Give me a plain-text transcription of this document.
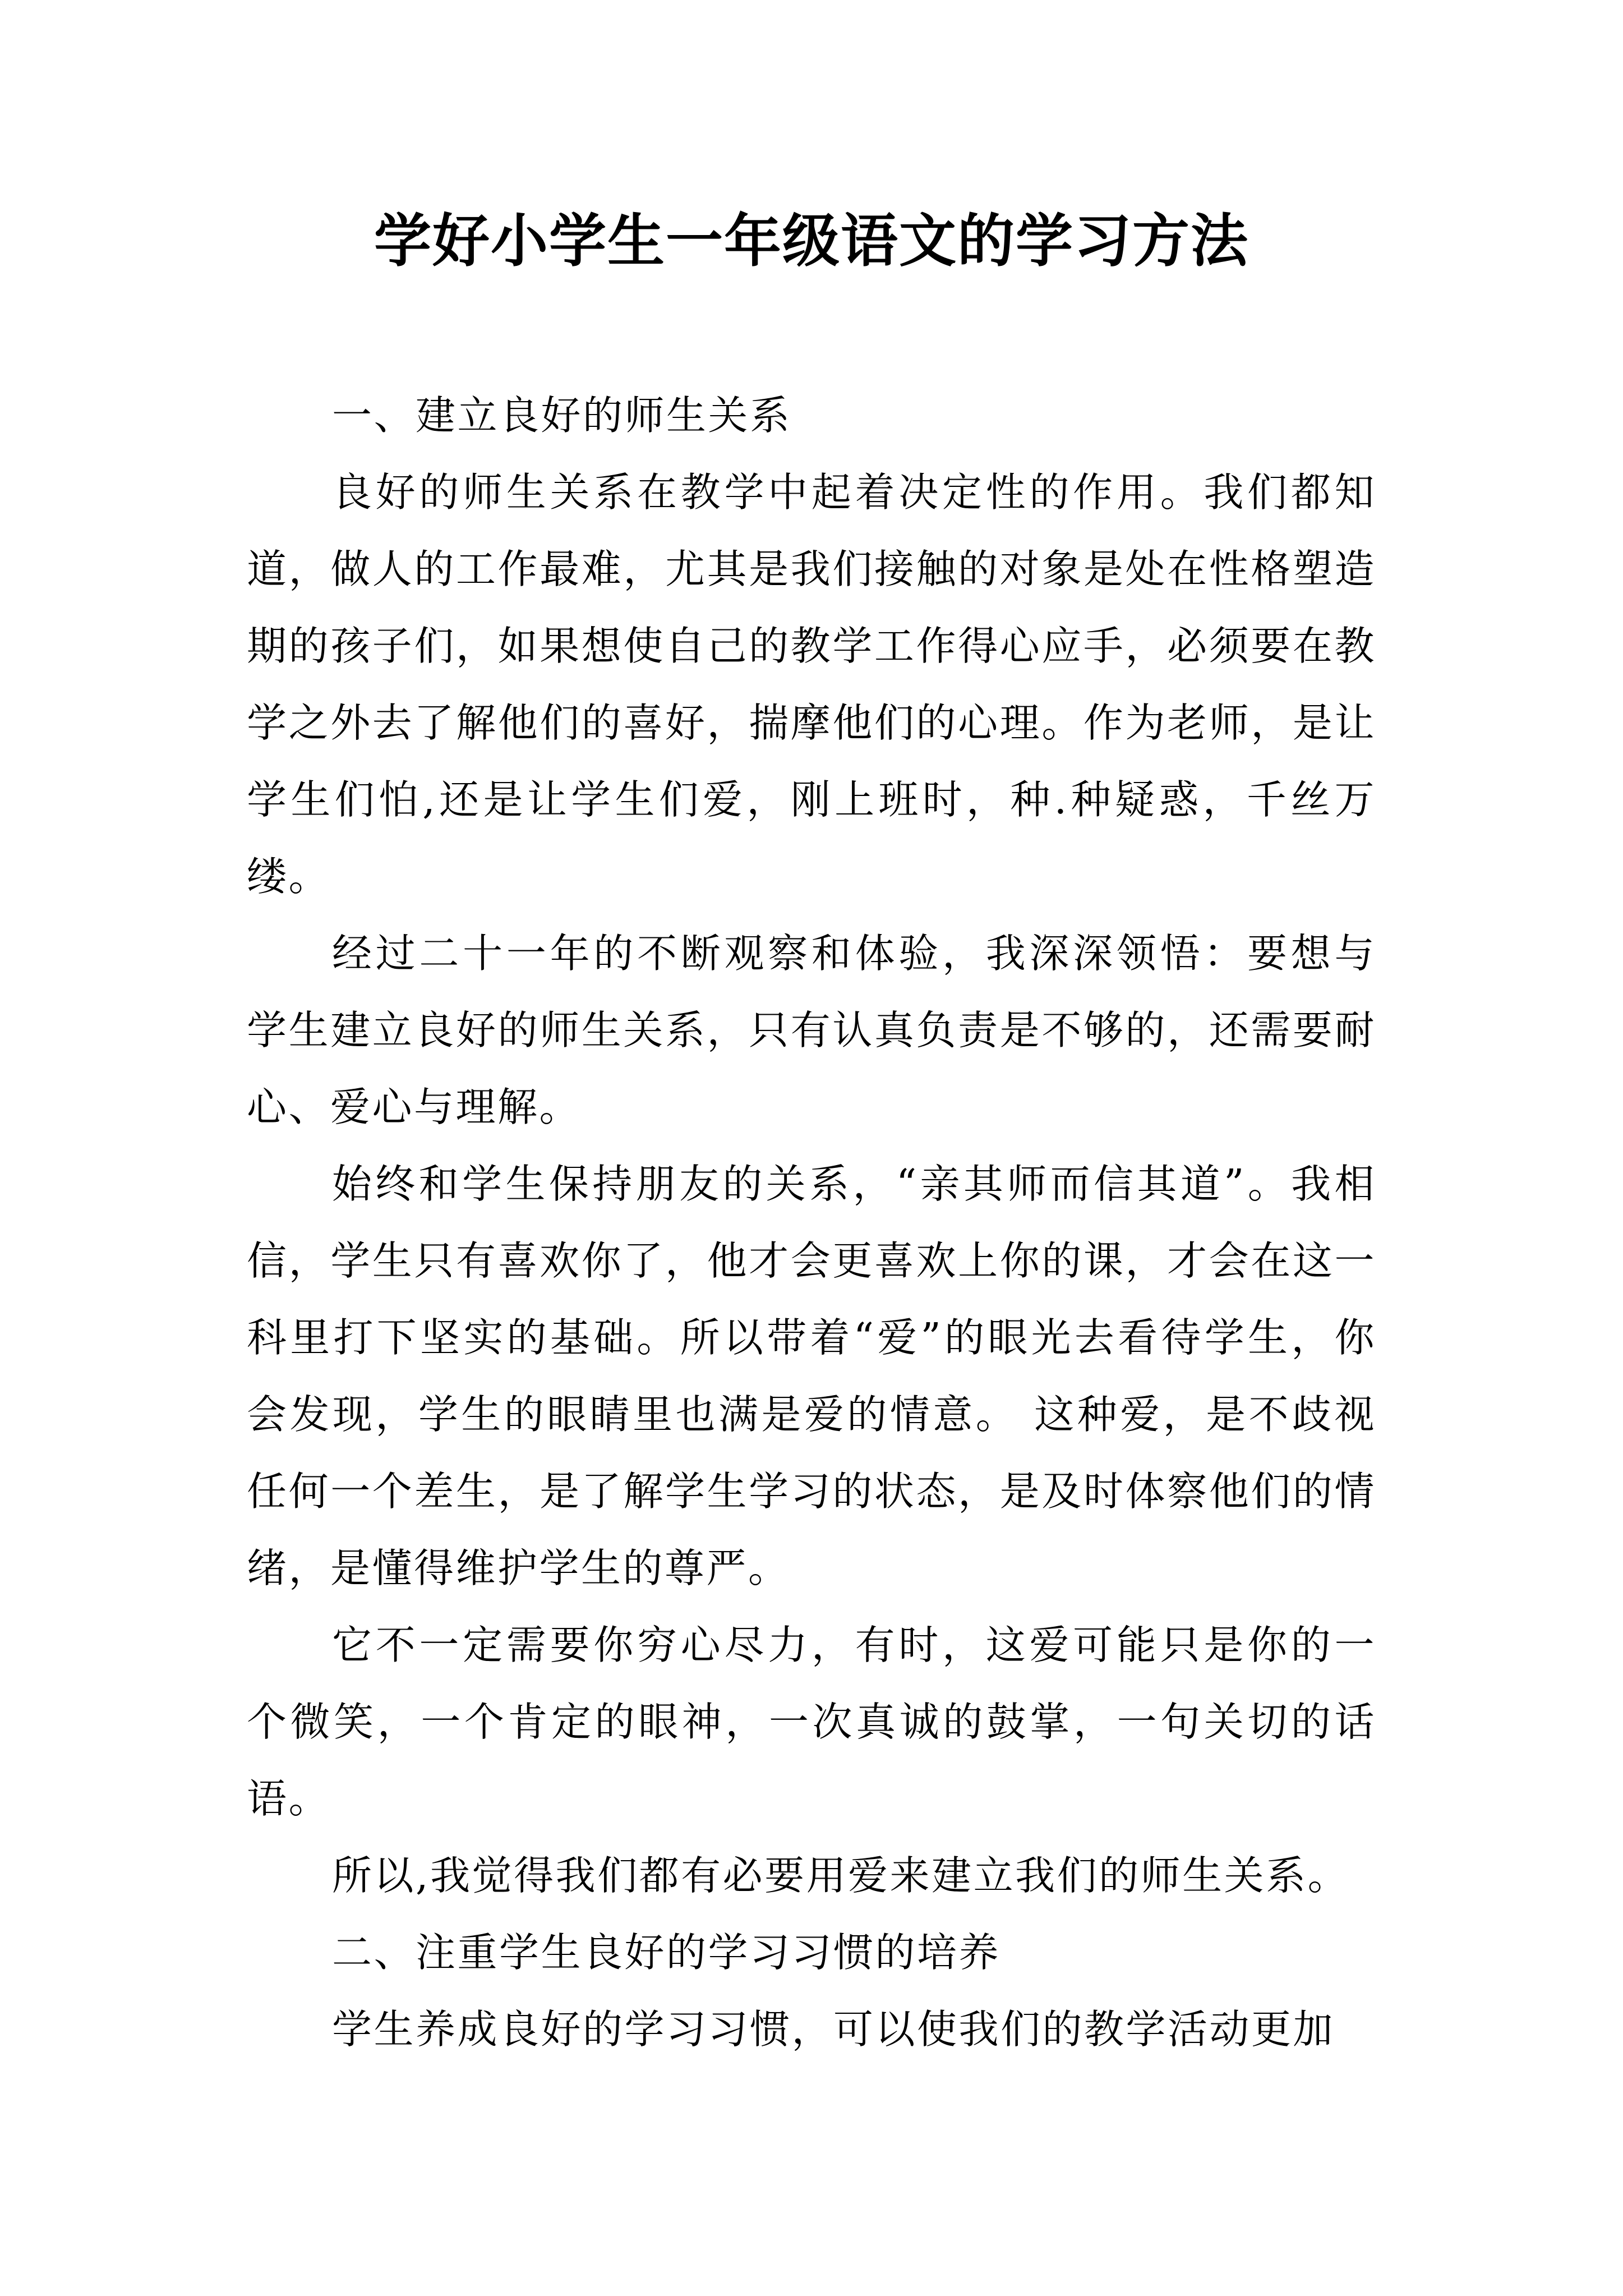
学好小学生一年级语文的学习方法

一、建立良好的师生关系

良好的师生关系在教学中起着决定性的作用。我们都知道，做人的工作最难，尤其是我们接触的对象是处在性格塑造期的孩子们，如果想使自己的教学工作得心应手，必须要在教学之外去了解他们的喜好，揣摩他们的心理。作为老师，是让学生们怕,还是让学生们爱，刚上班时，种.种疑惑，千丝万缕。

经过二十一年的不断观察和体验，我深深领悟：要想与学生建立良好的师生关系，只有认真负责是不够的，还需要耐心、爱心与理解。

始终和学生保持朋友的关系，“亲其师而信其道”。我相信，学生只有喜欢你了，他才会更喜欢上你的课，才会在这一科里打下坚实的基础。所以带着“爱”的眼光去看待学生，你会发现，学生的眼睛里也满是爱的情意。 这种爱，是不歧视任何一个差生，是了解学生学习的状态，是及时体察他们的情绪，是懂得维护学生的尊严。

它不一定需要你穷心尽力，有时，这爱可能只是你的一个微笑，一个肯定的眼神，一次真诚的鼓掌，一句关切的话语。

所以,我觉得我们都有必要用爱来建立我们的师生关系。

二、注重学生良好的学习习惯的培养

学生养成良好的学习习惯，可以使我们的教学活动更加
